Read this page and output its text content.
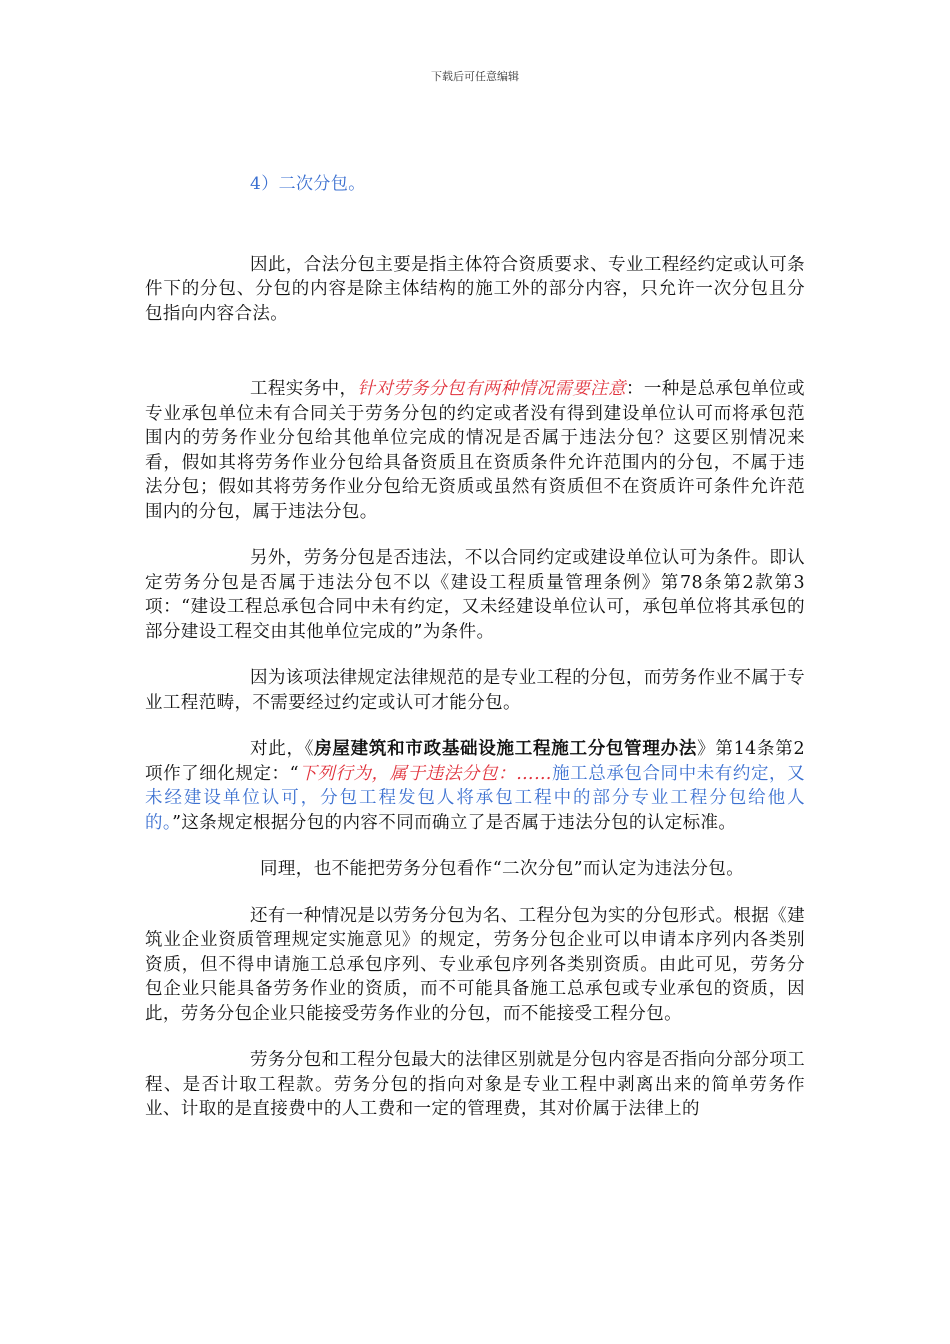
下载后可任意编辑

4）二次分包。

因此，合法分包主要是指主体符合资质要求、专业工程经约定或认可条件下的分包、分包的内容是除主体结构的施工外的部分内容，只允许一次分包且分包指向内容合法。

工程实务中，针对劳务分包有两种情况需要注意：一种是总承包单位或专业承包单位未有合同关于劳务分包的约定或者没有得到建设单位认可而将承包范围内的劳务作业分包给其他单位完成的情况是否属于违法分包？这要区别情况来看，假如其将劳务作业分包给具备资质且在资质条件允许范围内的分包，不属于违法分包；假如其将劳务作业分包给无资质或虽然有资质但不在资质许可条件允许范围内的分包，属于违法分包。

另外，劳务分包是否违法，不以合同约定或建设单位认可为条件。即认定劳务分包是否属于违法分包不以《建设工程质量管理条例》第78条第2款第3项：“建设工程总承包合同中未有约定，又未经建设单位认可，承包单位将其承包的部分建设工程交由其他单位完成的”为条件。

因为该项法律规定法律规范的是专业工程的分包，而劳务作业不属于专业工程范畴，不需要经过约定或认可才能分包。

对此，《房屋建筑和市政基础设施工程施工分包管理办法》第14条第2项作了细化规定：“下列行为，属于违法分包：……施工总承包合同中未有约定，又未经建设单位认可，分包工程发包人将承包工程中的部分专业工程分包给他人的。”这条规定根据分包的内容不同而确立了是否属于违法分包的认定标准。

同理，也不能把劳务分包看作“二次分包”而认定为违法分包。

还有一种情况是以劳务分包为名、工程分包为实的分包形式。根据《建筑业企业资质管理规定实施意见》的规定，劳务分包企业可以申请本序列内各类别资质，但不得申请施工总承包序列、专业承包序列各类别资质。由此可见，劳务分包企业只能具备劳务作业的资质，而不可能具备施工总承包或专业承包的资质，因此，劳务分包企业只能接受劳务作业的分包，而不能接受工程分包。

劳务分包和工程分包最大的法律区别就是分包内容是否指向分部分项工程、是否计取工程款。劳务分包的指向对象是专业工程中剥离出来的简单劳务作业、计取的是直接费中的人工费和一定的管理费，其对价属于法律上的
